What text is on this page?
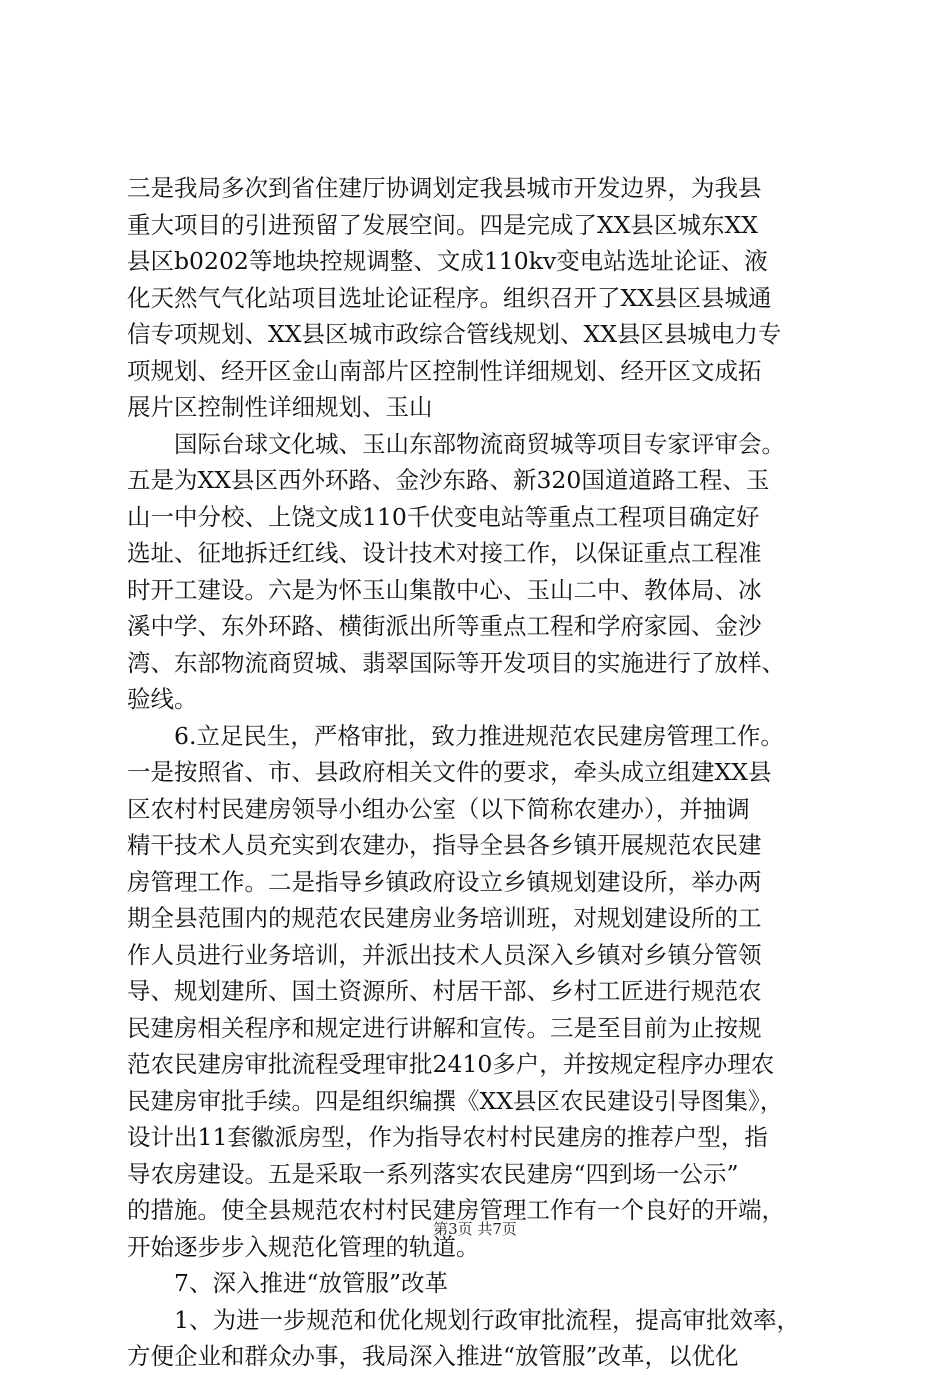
三是我局多次到省住建厅协调划定我县城市开发边界，为我县
重大项目的引进预留了发展空间。四是完成了XX县区城东XX
县区b0202等地块控规调整、文成110kv变电站选址论证、液
化天然气气化站项目选址论证程序。组织召开了XX县区县城通
信专项规划、XX县区城市政综合管线规划、XX县区县城电力专
项规划、经开区金山南部片区控制性详细规划、经开区文成拓
展片区控制性详细规划、玉山
　　国际台球文化城、玉山东部物流商贸城等项目专家评审会。
五是为XX县区西外环路、金沙东路、新320国道道路工程、玉
山一中分校、上饶文成110千伏变电站等重点工程项目确定好
选址、征地拆迁红线、设计技术对接工作，以保证重点工程准
时开工建设。六是为怀玉山集散中心、玉山二中、教体局、冰
溪中学、东外环路、横街派出所等重点工程和学府家园、金沙
湾、东部物流商贸城、翡翠国际等开发项目的实施进行了放样、
验线。
　　6.立足民生，严格审批，致力推进规范农民建房管理工作。
一是按照省、市、县政府相关文件的要求，牵头成立组建XX县
区农村村民建房领导小组办公室（以下简称农建办），并抽调
精干技术人员充实到农建办，指导全县各乡镇开展规范农民建
房管理工作。二是指导乡镇政府设立乡镇规划建设所，举办两
期全县范围内的规范农民建房业务培训班，对规划建设所的工
作人员进行业务培训，并派出技术人员深入乡镇对乡镇分管领
导、规划建所、国土资源所、村居干部、乡村工匠进行规范农
民建房相关程序和规定进行讲解和宣传。三是至目前为止按规
范农民建房审批流程受理审批2410多户，并按规定程序办理农
民建房审批手续。四是组织编撰《XX县区农民建设引导图集》，
设计出11套徽派房型，作为指导农村村民建房的推荐户型，指
导农房建设。五是采取一系列落实农民建房“四到场一公示”
的措施。使全县规范农村村民建房管理工作有一个良好的开端，
开始逐步步入规范化管理的轨道。
　　7、深入推进“放管服”改革
　　1、为进一步规范和优化规划行政审批流程，提高审批效率，
方便企业和群众办事，我局深入推进“放管服”改革，以优化
第3页 共7页
